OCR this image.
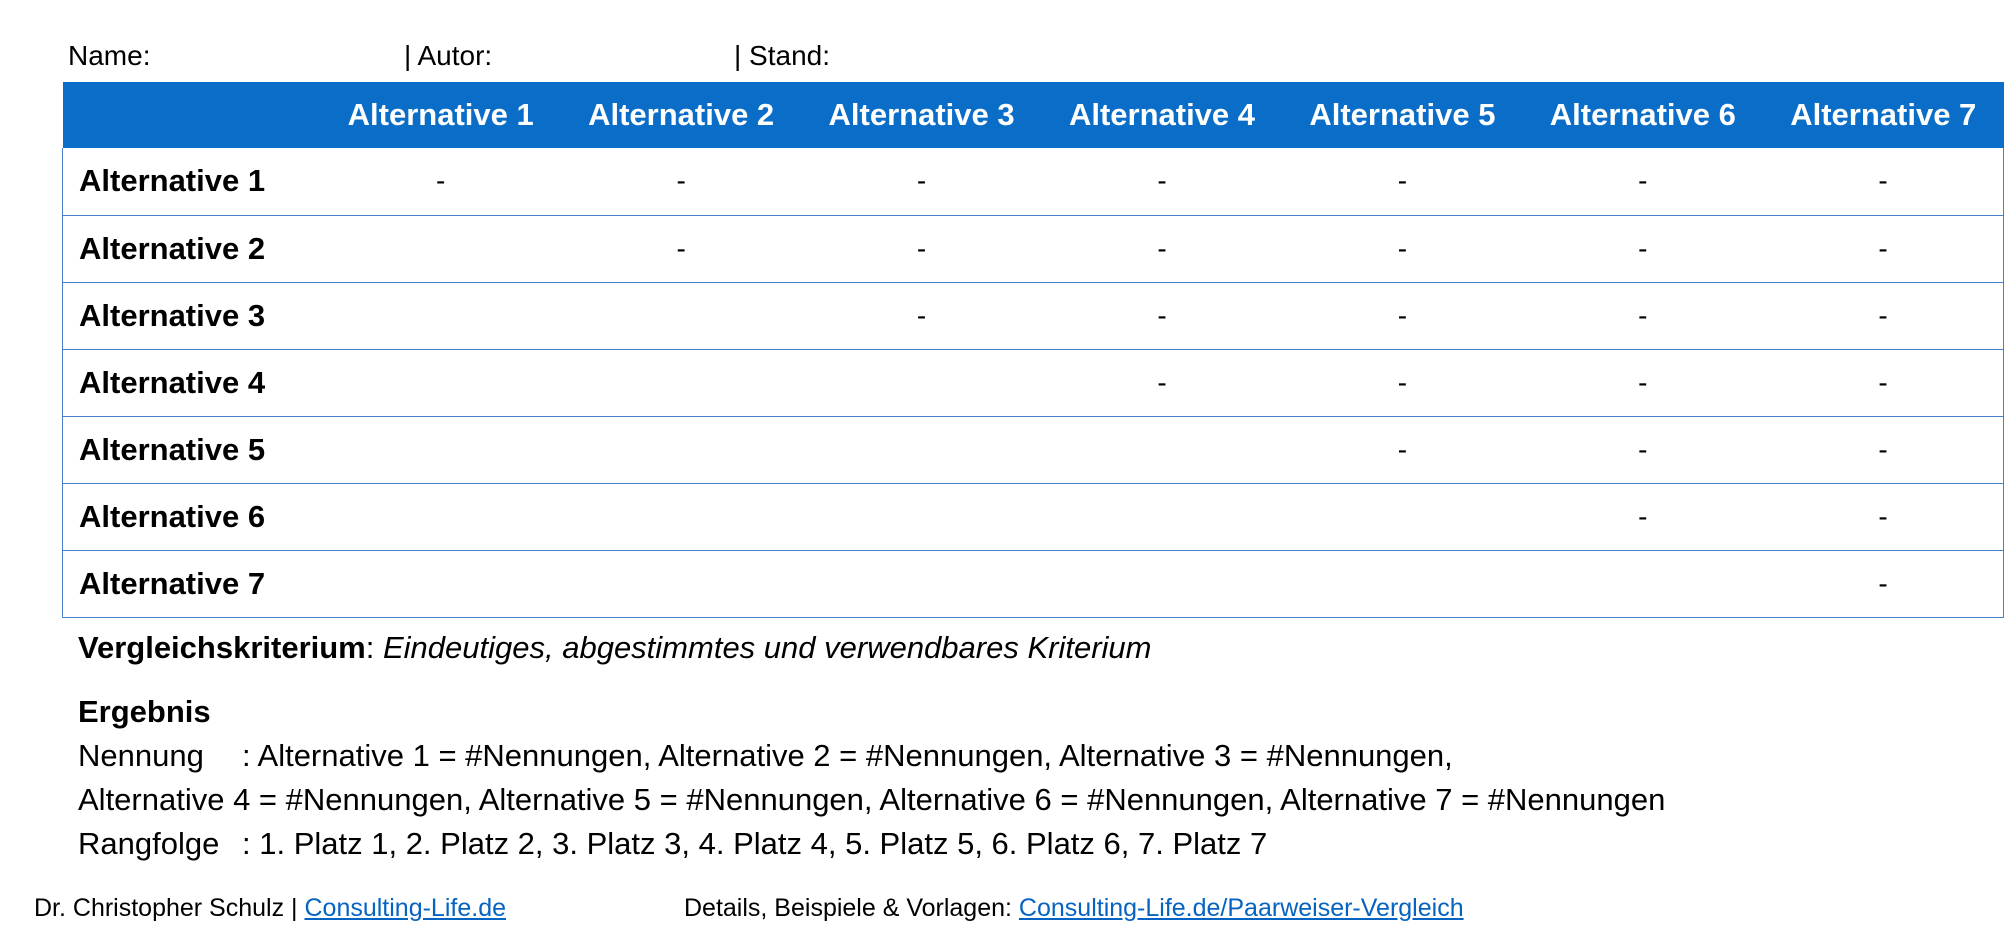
Name:

	| Autor:

	| Stand:

	Alternative 1	Alternative 2	Alternative 3	Alternative 4	Alternative 5	Alternative 6	Alternative 7
Alternative 1	-	-	-	-	-	-	-
Alternative 2		-	-	-	-	-	-
Alternative 3			-	-	-	-	-
Alternative 4				-	-	-	-
Alternative 5					-	-	-
Alternative 6						-	-
Alternative 7							-
Vergleichskriterium: Eindeutiges, abgestimmtes und verwendbares Kriterium
Ergebnis
Nennung : Alternative 1 = #Nennungen, Alternative 2 = #Nennungen, Alternative 3 = #Nennungen,
Alternative 4 = #Nennungen, Alternative 5 = #Nennungen, Alternative 6 = #Nennungen, Alternative 7 = #Nennungen
Rangfolge : 1. Platz 1, 2. Platz 2, 3. Platz 3, 4. Platz 4, 5. Platz 5, 6. Platz 6, 7. Platz 7
Dr. Christopher Schulz | Consulting-Life.de	Details, Beispiele & Vorlagen: Consulting-Life.de/Paarweiser-Vergleich
